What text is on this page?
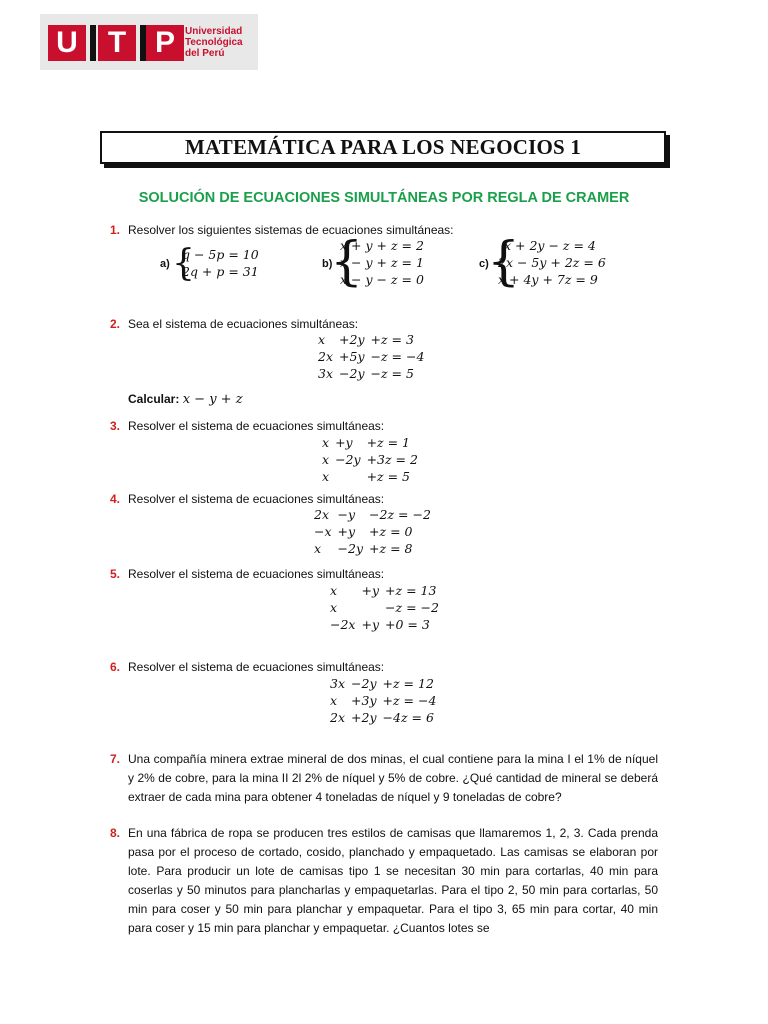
U	T P	Universidad
Tecnológica
del Perú
MATEMÁTICA PARA LOS NEGOCIOS 1
SOLUCIÓN DE ECUACIONES SIMULTÁNEAS POR REGLA DE CRAMER
1. Resolver los siguientes sistemas de ecuaciones simultáneas:
a) {
q − 5p = 10
2q + p = 31	b)
{
x + y + z = 2
x − y + z = 1
x − y − z = 0
c)
{
x + 2y − z = 4
2x − 5y + 2z = 6
x + 4y + 7z = 9
2. Sea el sistema de ecuaciones simultáneas:
x	+2y	+z = 3
2x	+5y	−z = −4
3x	−2y	−z = 5
Calcular: x − y + z
3. Resolver el sistema de ecuaciones simultáneas:
x	+y	+z = 1
x	−2y	+3z = 2
x		+z = 5
4. Resolver el sistema de ecuaciones simultáneas:
2x	−y	−2z = −2
−x	+y	+z = 0
x	−2y	+z = 8
5. Resolver el sistema de ecuaciones simultáneas:
x	+y	+z = 13
x		−z = −2
−2x	+y	+0 = 3
6. Resolver el sistema de ecuaciones simultáneas:
3x	−2y	+z = 12
x	+3y	+z = −4
2x	+2y	−4z = 6
7. Una compañía minera extrae mineral de dos minas, el cual contiene para la mina I el 1% de níquel y 2% de cobre, para la mina II 2l 2% de níquel y 5% de cobre. ¿Qué cantidad de mineral se deberá extraer de cada mina para obtener 4 toneladas de níquel y 9 toneladas de cobre?
8. En una fábrica de ropa se producen tres estilos de camisas que llamaremos 1, 2, 3. Cada prenda pasa por el proceso de cortado, cosido, planchado y empaquetado. Las camisas se elaboran por lote. Para producir un lote de camisas tipo 1 se necesitan 30 min para cortarlas, 40 min para coserlas y 50 minutos para plancharlas y empaquetarlas. Para el tipo 2, 50 min para cortarlas, 50 min para coser y 50 min para planchar y empaquetar. Para el tipo 3, 65 min para cortar, 40 min para coser y 15 min para planchar y empaquetar. ¿Cuantos lotes se
